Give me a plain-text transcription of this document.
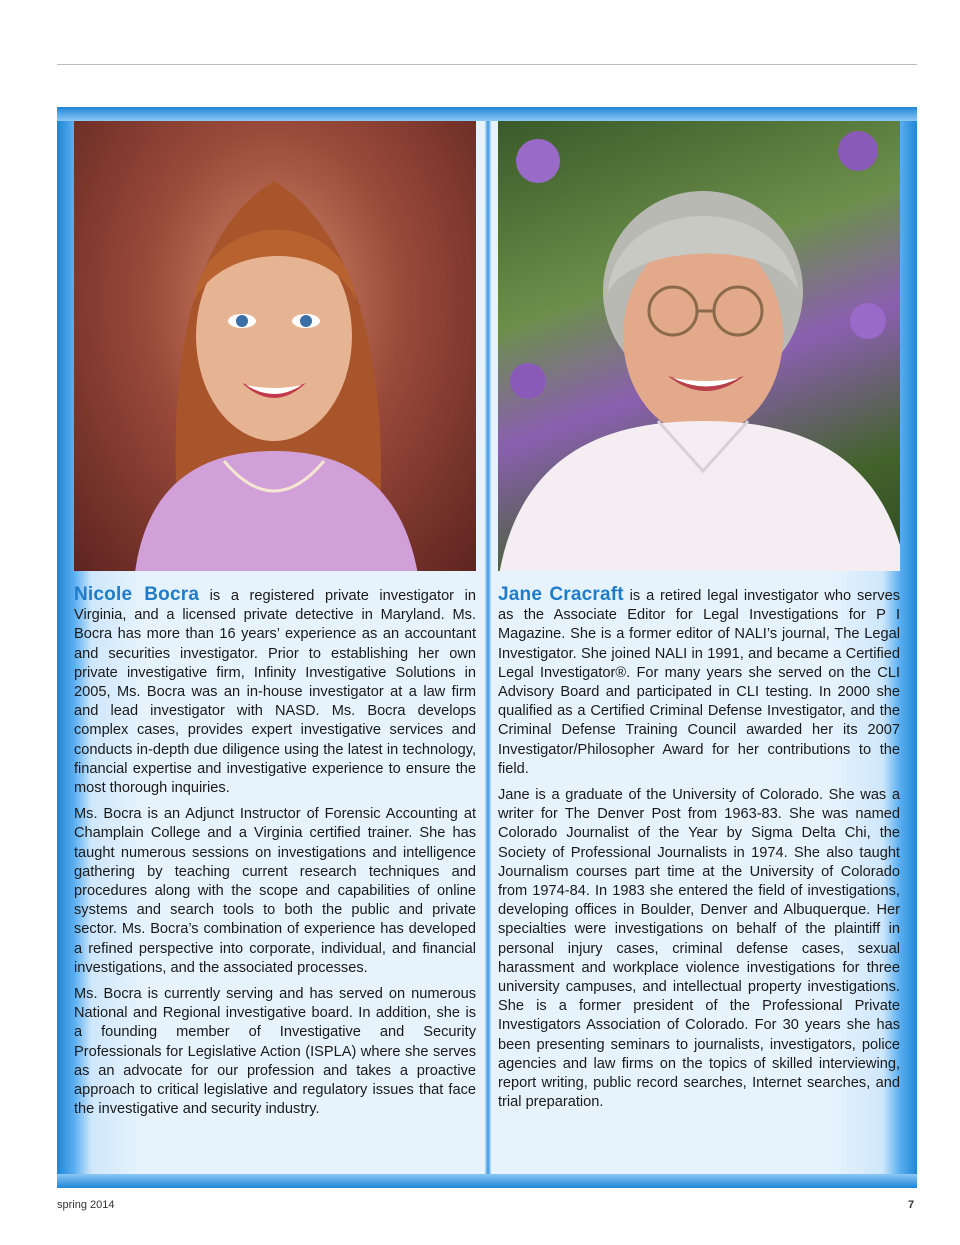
Nicole Bocra is a registered private investigator in Virginia, and a licensed private detective in Maryland. Ms. Bocra has more than 16 years’ experience as an accountant and securities investigator. Prior to establishing her own private investigative firm, Infinity Investigative Solutions in 2005, Ms. Bocra was an in-house investigator at a law firm and lead investigator with NASD. Ms. Bocra develops complex cases, provides expert investigative services and conducts in-depth due diligence using the latest in technology, financial expertise and investigative experience to ensure the most thorough inquiries.

Ms. Bocra is an Adjunct Instructor of Forensic Accounting at Champlain College and a Virginia certified trainer. She has taught numerous sessions on investigations and intelligence gathering by teaching current research techniques and procedures along with the scope and capabilities of online systems and search tools to both the public and private sector. Ms. Bocra’s combination of experience has developed a refined perspective into corporate, individual, and financial investigations, and the associated processes.

Ms. Bocra is currently serving and has served on numerous National and Regional investigative board. In addition, she is a founding member of Investigative and Security Professionals for Legislative Action (ISPLA) where she serves as an advocate for our profession and takes a proactive approach to critical legislative and regulatory issues that face the investigative and security industry.

Jane Cracraft is a retired legal investigator who serves as the Associate Editor for Legal Investigations for P I Magazine. She is a former editor of NALI’s journal, The Legal Investigator. She joined NALI in 1991, and became a Certified Legal Investigator®. For many years she served on the CLI Advisory Board and participated in CLI testing. In 2000 she qualified as a Certified Criminal Defense Investigator, and the Criminal Defense Training Council awarded her its 2007 Investigator/Philosopher Award for her contributions to the field.

Jane is a graduate of the University of Colorado. She was a writer for The Denver Post from 1963-83. She was named Colorado Journalist of the Year by Sigma Delta Chi, the Society of Professional Journalists in 1974. She also taught Journalism courses part time at the University of Colorado from 1974-84. In 1983 she entered the field of investigations, developing offices in Boulder, Denver and Albuquerque. Her specialties were investigations on behalf of the plaintiff in personal injury cases, criminal defense cases, sexual harassment and workplace violence investigations for three university campuses, and intellectual property investigations. She is a former president of the Professional Private Investigators Association of Colorado. For 30 years she has been presenting seminars to journalists, investigators, police agencies and law firms on the topics of skilled interviewing, report writing, public record searches, Internet searches, and trial preparation.

spring 2014	7
